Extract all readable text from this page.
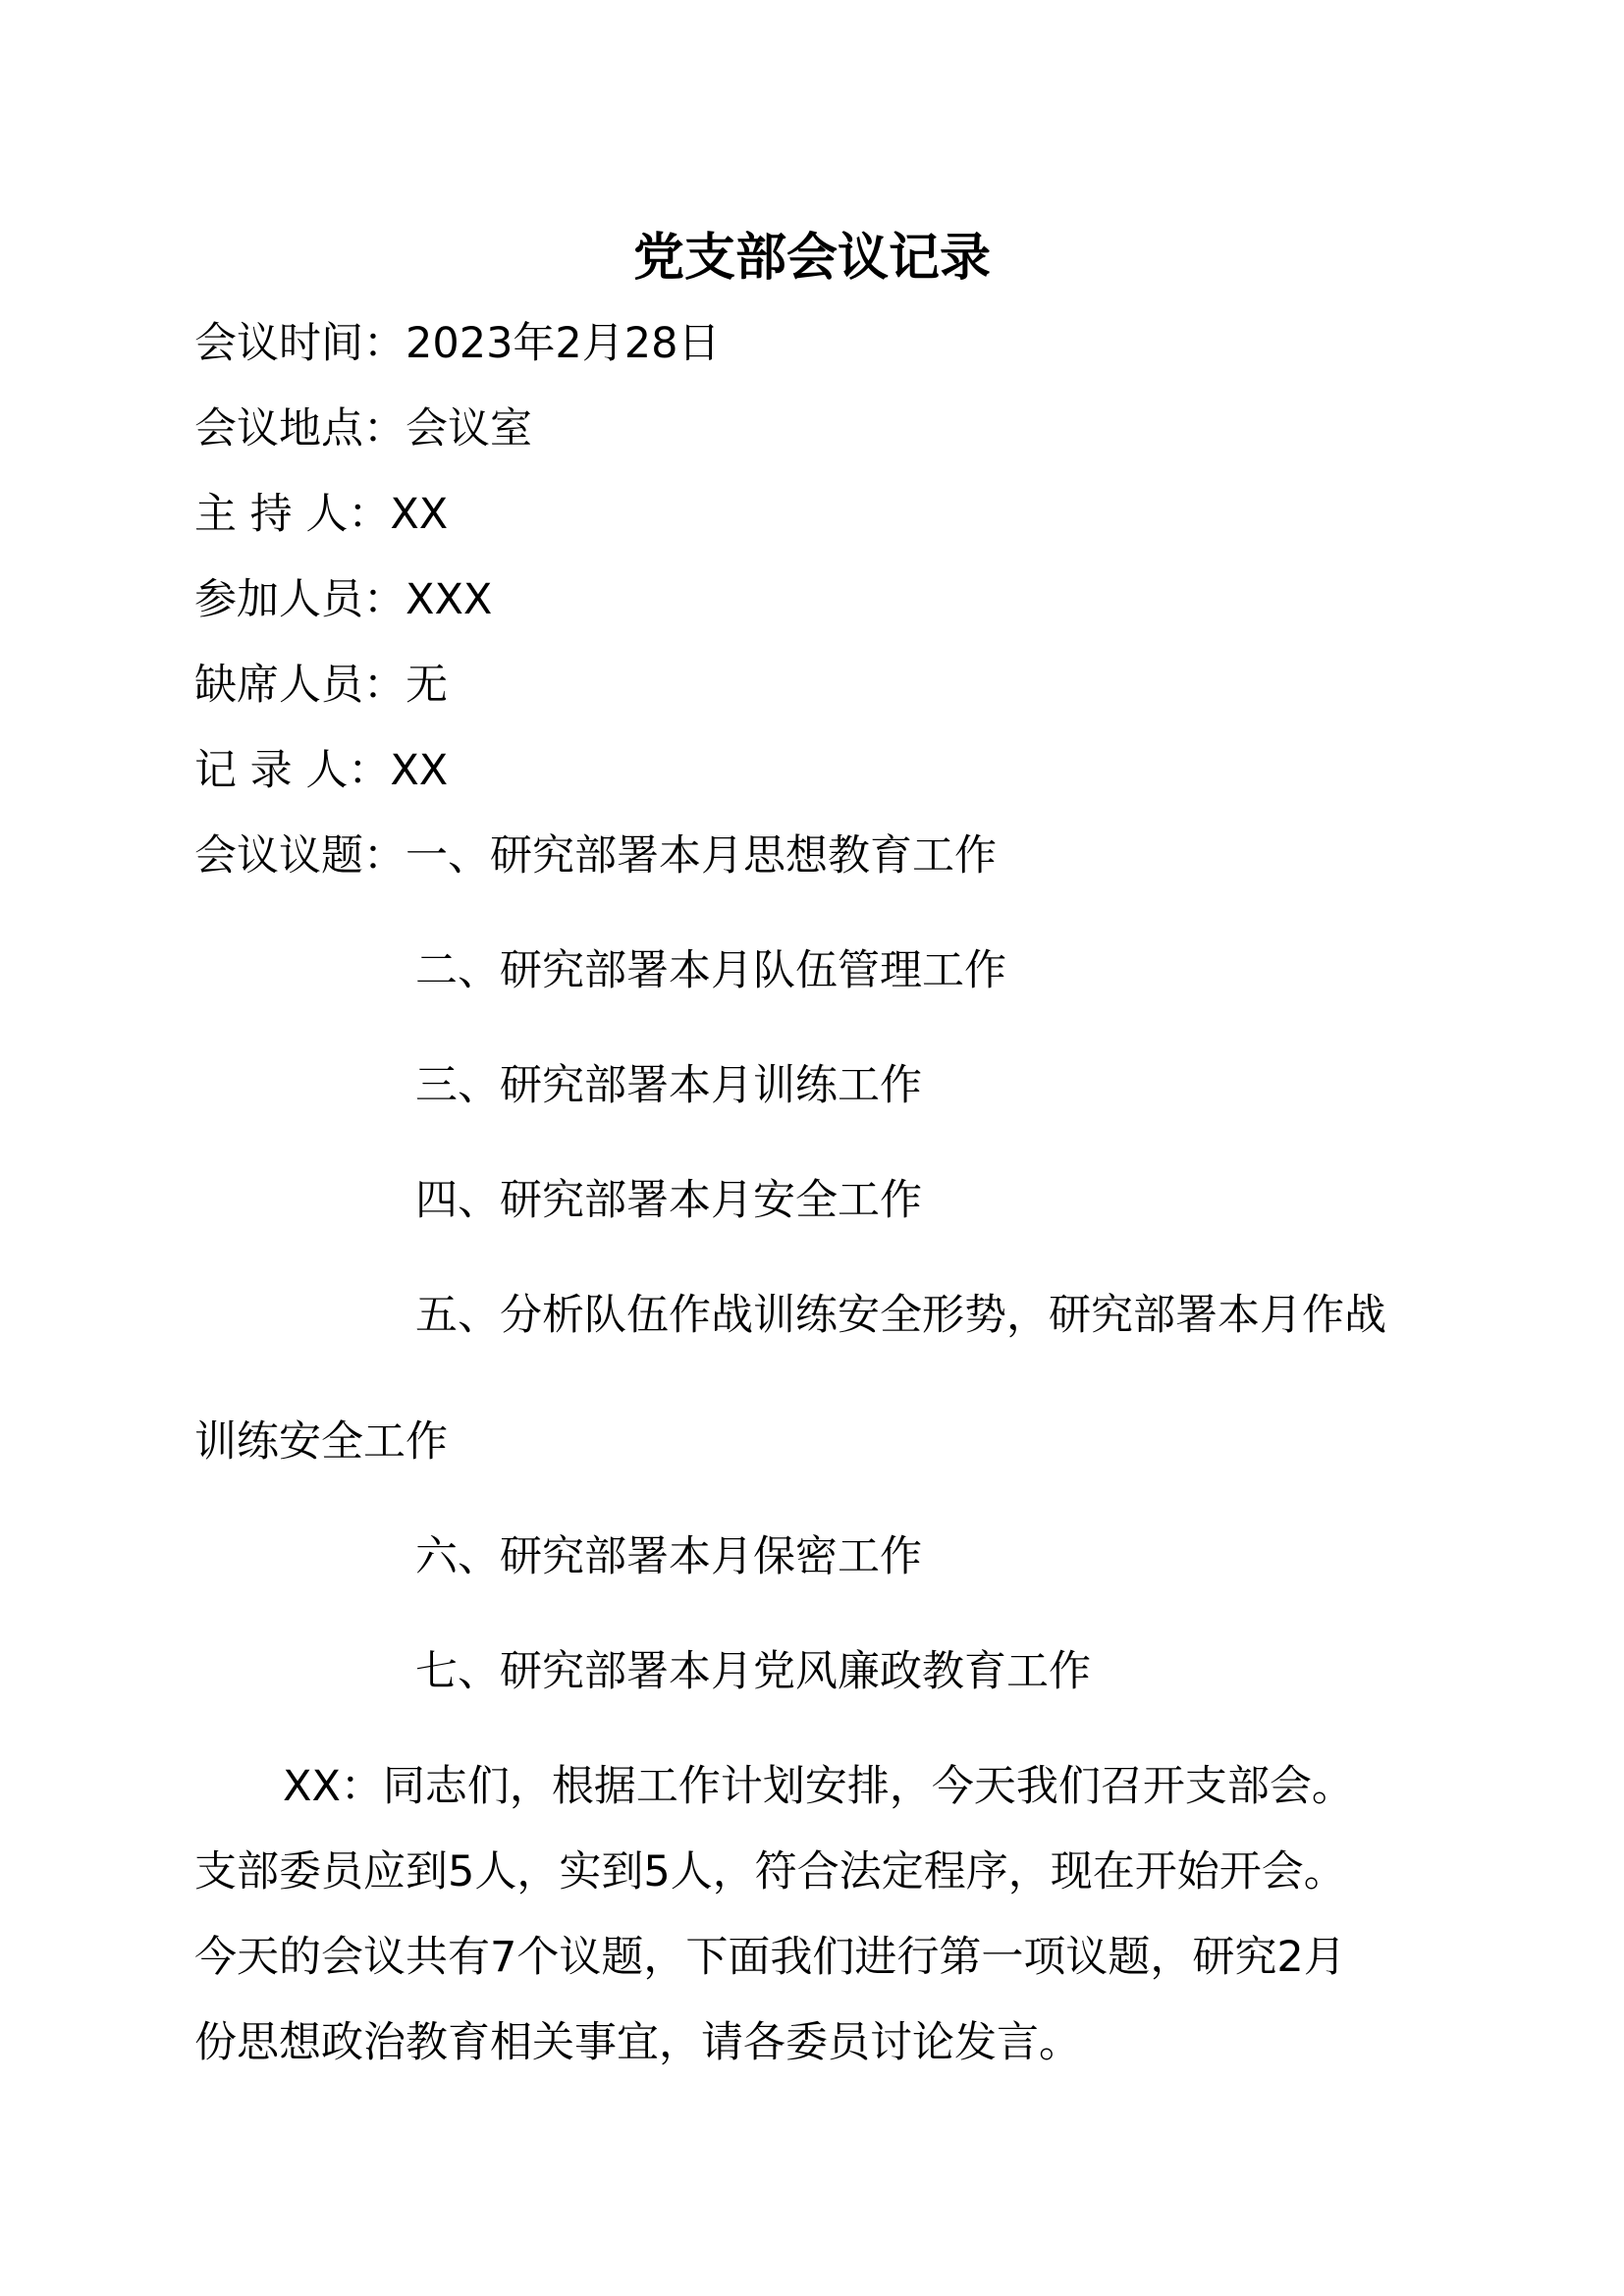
党支部会议记录
会议时间：2023年2月28日
会议地点：会议室
主 持 人：XX
参加人员：XXX
缺席人员：无
记 录 人：XX
会议议题：一、研究部署本月思想教育工作
二、研究部署本月队伍管理工作
三、研究部署本月训练工作
四、研究部署本月安全工作
五、分析队伍作战训练安全形势，研究部署本月作战
训练安全工作
六、研究部署本月保密工作
七、研究部署本月党风廉政教育工作
XX：同志们，根据工作计划安排，今天我们召开支部会。
支部委员应到5人，实到5人，符合法定程序，现在开始开会。
今天的会议共有7个议题，下面我们进行第一项议题，研究2月
份思想政治教育相关事宜，请各委员讨论发言。
